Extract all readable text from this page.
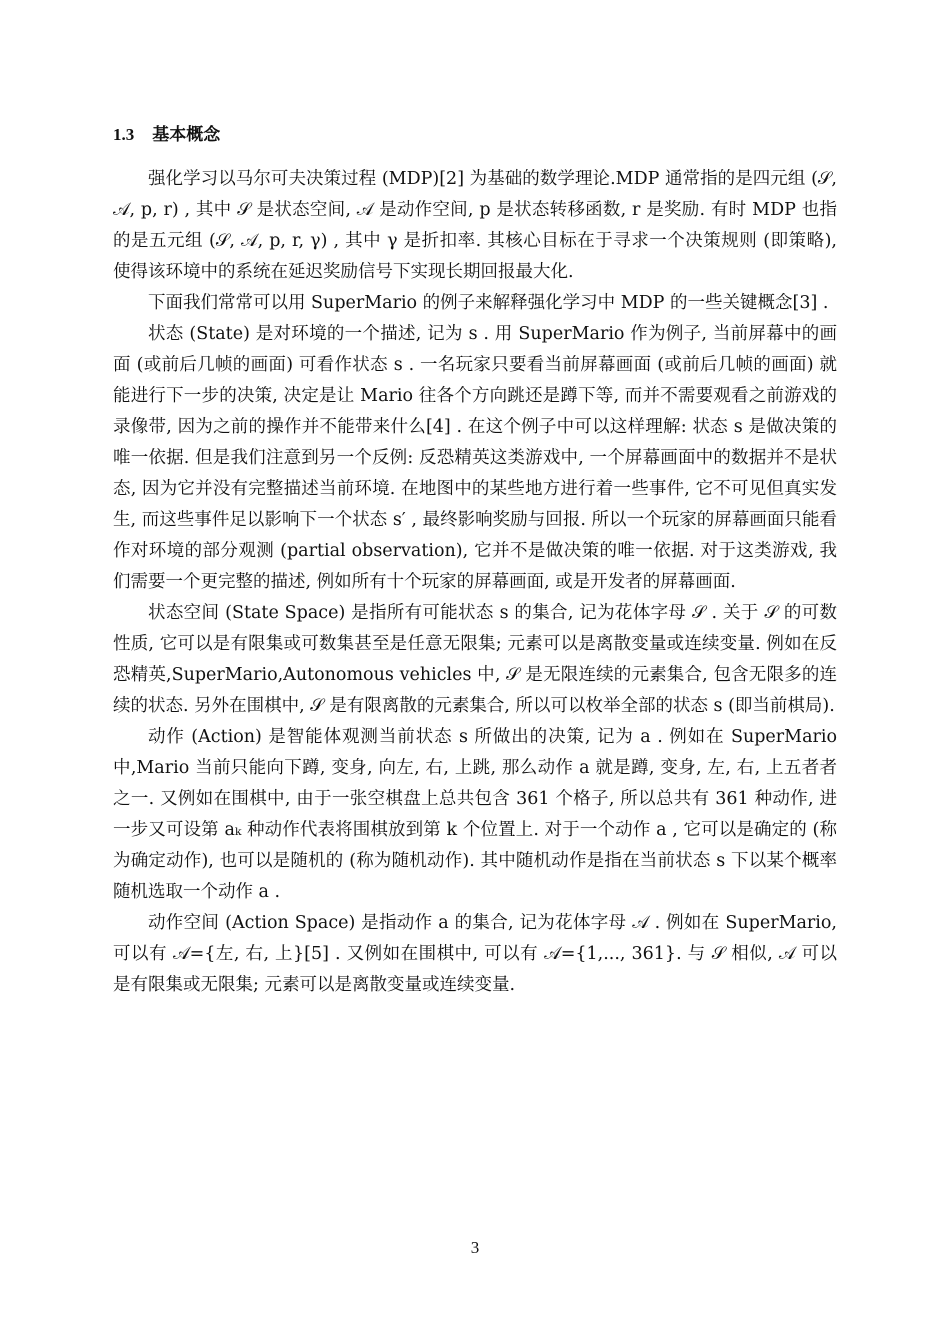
1.3 基本概念

强化学习以马尔可夫决策过程 (MDP)[2] 为基础的数学理论.MDP 通常指的是四元组 (𝒮, 𝒜, p, r) , 其中 𝒮 是状态空间, 𝒜 是动作空间, p 是状态转移函数, r 是奖励. 有时 MDP 也指的是五元组 (𝒮, 𝒜, p, r, γ) , 其中 γ 是折扣率. 其核心目标在于寻求一个决策规则 (即策略), 使得该环境中的系统在延迟奖励信号下实现长期回报最大化.

下面我们常常可以用 SuperMario 的例子来解释强化学习中 MDP 的一些关键概念[3] .

状态 (State) 是对环境的一个描述, 记为 s . 用 SuperMario 作为例子, 当前屏幕中的画面 (或前后几帧的画面) 可看作状态 s . 一名玩家只要看当前屏幕画面 (或前后几帧的画面) 就能进行下一步的决策, 决定是让 Mario 往各个方向跳还是蹲下等, 而并不需要观看之前游戏的录像带, 因为之前的操作并不能带来什么[4] . 在这个例子中可以这样理解: 状态 s 是做决策的唯一依据. 但是我们注意到另一个反例: 反恐精英这类游戏中, 一个屏幕画面中的数据并不是状态, 因为它并没有完整描述当前环境. 在地图中的某些地方进行着一些事件, 它不可见但真实发生, 而这些事件足以影响下一个状态 s′ , 最终影响奖励与回报. 所以一个玩家的屏幕画面只能看作对环境的部分观测 (partial observation), 它并不是做决策的唯一依据. 对于这类游戏, 我们需要一个更完整的描述, 例如所有十个玩家的屏幕画面, 或是开发者的屏幕画面.

状态空间 (State Space) 是指所有可能状态 s 的集合, 记为花体字母 𝒮 . 关于 𝒮 的可数性质, 它可以是有限集或可数集甚至是任意无限集; 元素可以是离散变量或连续变量. 例如在反恐精英,SuperMario,Autonomous vehicles 中, 𝒮 是无限连续的元素集合, 包含无限多的连续的状态. 另外在围棋中, 𝒮 是有限离散的元素集合, 所以可以枚举全部的状态 s (即当前棋局).

动作 (Action) 是智能体观测当前状态 s 所做出的决策, 记为 a . 例如在 SuperMario 中,Mario 当前只能向下蹲, 变身, 向左, 右, 上跳, 那么动作 a 就是蹲, 变身, 左, 右, 上五者者之一. 又例如在围棋中, 由于一张空棋盘上总共包含 361 个格子, 所以总共有 361 种动作, 进一步又可设第 aₖ 种动作代表将围棋放到第 k 个位置上. 对于一个动作 a , 它可以是确定的 (称为确定动作), 也可以是随机的 (称为随机动作). 其中随机动作是指在当前状态 s 下以某个概率随机选取一个动作 a .

动作空间 (Action Space) 是指动作 a 的集合, 记为花体字母 𝒜 . 例如在 SuperMario, 可以有 𝒜={左, 右, 上}[5] . 又例如在围棋中, 可以有 𝒜={1,..., 361}. 与 𝒮 相似, 𝒜 可以是有限集或无限集; 元素可以是离散变量或连续变量.

3
